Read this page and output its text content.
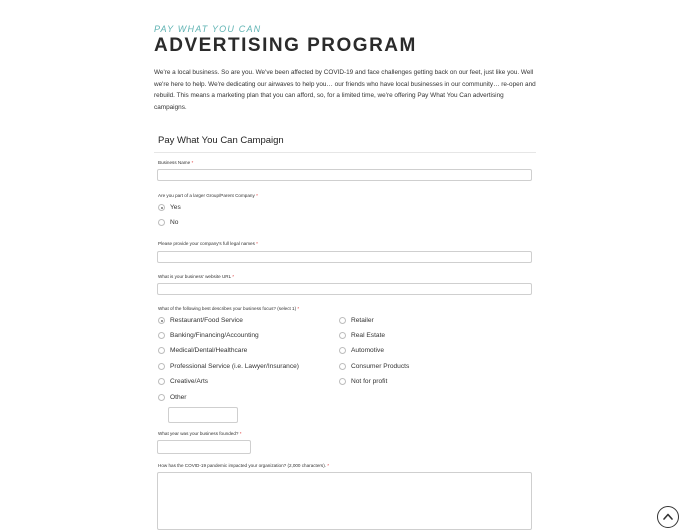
PAY WHAT YOU CAN

ADVERTISING PROGRAM

We're a local business. So are you. We've been affected by COVID-19 and face challenges getting back on our feet, just like you. Well we're here to help. We're dedicating our airwaves to help you… our friends who have local businesses in our community… re-open and rebuild. This means a marketing plan that you can afford, so, for a limited time, we're offering Pay What You Can advertising campaigns.

Pay What You Can Campaign
Business Name *
Are you part of a larger Group/Parent Company *
Yes
No
Please provide your company's full legal names *
What is your business' website URL *
What of the following best describes your business focus? (select 1) *
Restaurant/Food Service
Banking/Financing/Accounting
Medical/Dental/Healthcare
Professional Service (i.e. Lawyer/Insurance)
Creative/Arts
Other
Retailer
Real Estate
Automotive
Consumer Products
Not for profit
What year was your business founded? *
How has the COVID-19 pandemic impacted your organization? (2,000 characters). *
